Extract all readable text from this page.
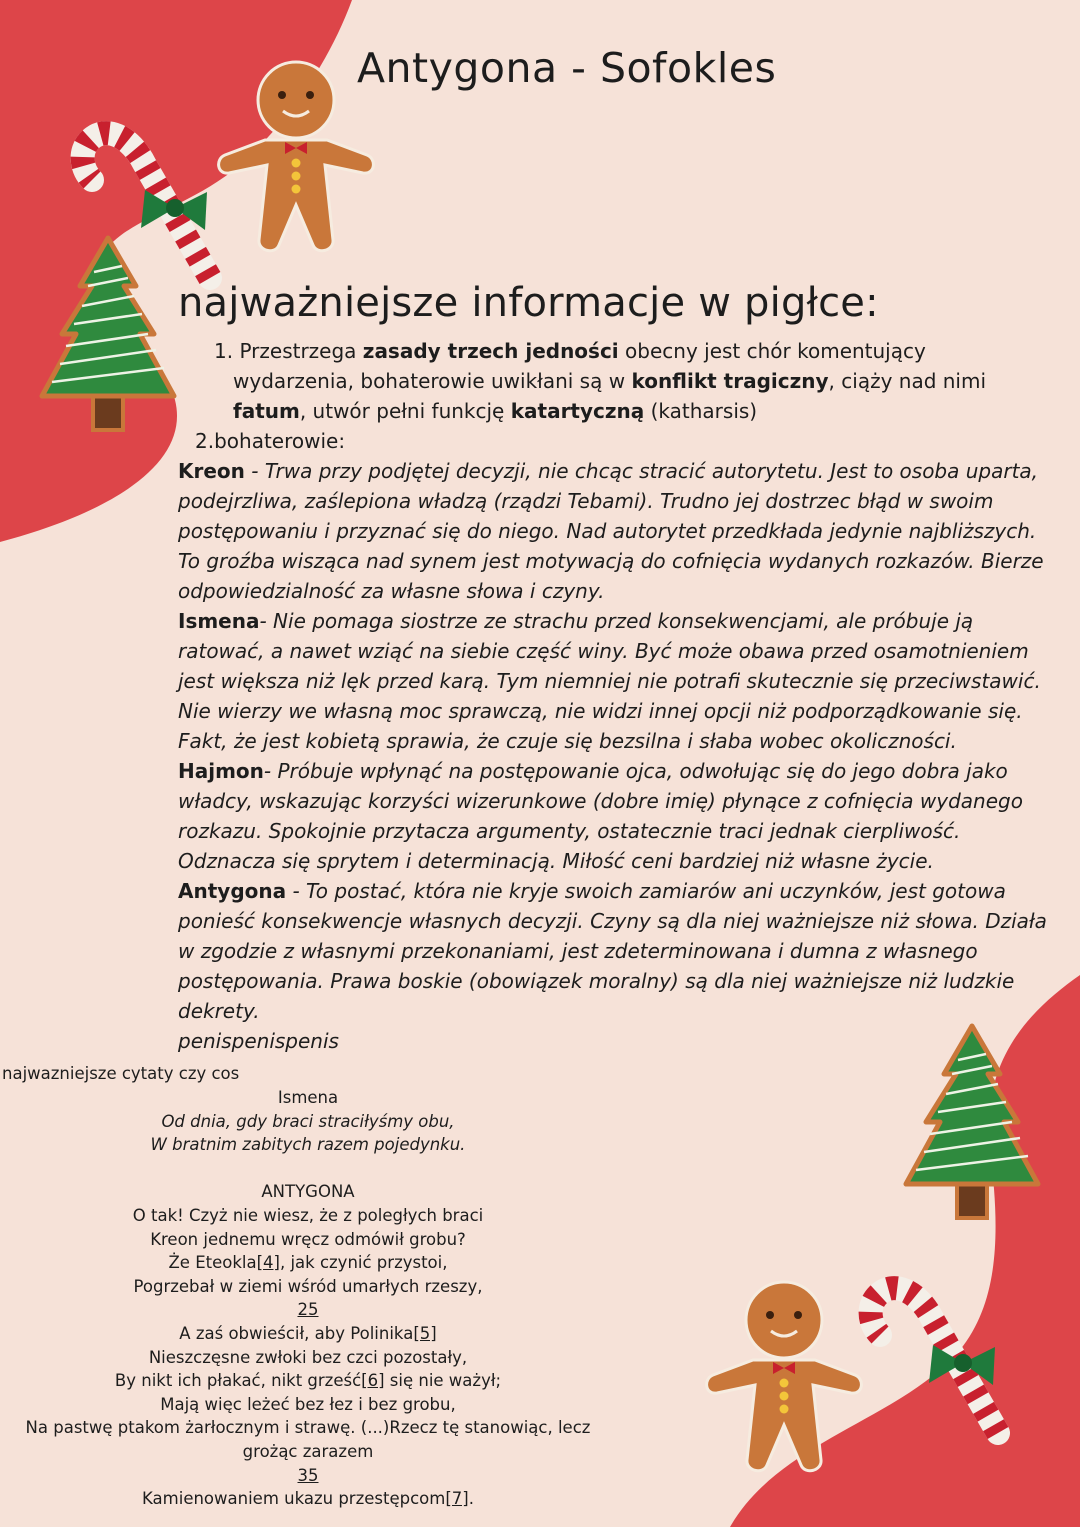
Antygona - Sofokles
najważniejsze informacje w pigłce:
1. Przestrzega zasady trzech jedności obecny jest chór komentujący wydarzenia, bohaterowie uwikłani są w konflikt tragiczny, ciąży nad nimi fatum, utwór pełni funkcję katartyczną (katharsis)
2.bohaterowie:
Kreon - Trwa przy podjętej decyzji, nie chcąc stracić autorytetu. Jest to osoba uparta, podejrzliwa, zaślepiona władzą (rządzi Tebami). Trudno jej dostrzec błąd w swoim postępowaniu i przyznać się do niego. Nad autorytet przedkłada jedynie najbliższych. To groźba wisząca nad synem jest motywacją do cofnięcia wydanych rozkazów. Bierze odpowiedzialność za własne słowa i czyny.
Ismena- Nie pomaga siostrze ze strachu przed konsekwencjami, ale próbuje ją ratować, a nawet wziąć na siebie część winy. Być może obawa przed osamotnieniem jest większa niż lęk przed karą. Tym niemniej nie potrafi skutecznie się przeciwstawić. Nie wierzy we własną moc sprawczą, nie widzi innej opcji niż podporządkowanie się. Fakt, że jest kobietą sprawia, że czuje się bezsilna i słaba wobec okoliczności.
Hajmon- Próbuje wpłynąć na postępowanie ojca, odwołując się do jego dobra jako władcy, wskazując korzyści wizerunkowe (dobre imię) płynące z cofnięcia wydanego rozkazu. Spokojnie przytacza argumenty, ostatecznie traci jednak cierpliwość. Odznacza się sprytem i determinacją. Miłość ceni bardziej niż własne życie.
Antygona - To postać, która nie kryje swoich zamiarów ani uczynków, jest gotowa ponieść konsekwencje własnych decyzji. Czyny są dla niej ważniejsze niż słowa. Działa w zgodzie z własnymi przekonaniami, jest zdeterminowana i dumna z własnego postępowania. Prawa boskie (obowiązek moralny) są dla niej ważniejsze niż ludzkie dekrety.
penispenispenis
najwazniejsze cytaty czy cos
Ismena
Od dnia, gdy braci straciłyśmy obu,
W bratnim zabitych razem pojedynku.
ANTYGONA
O tak! Czyż nie wiesz, że z poległych braci
Kreon jednemu wręcz odmówił grobu?
Że Eteokla[4], jak czynić przystoi,
Pogrzebał w ziemi wśród umarłych rzeszy,
25
A zaś obwieścił, aby Polinika[5]
Nieszczęsne zwłoki bez czci pozostały,
By nikt ich płakać, nikt grześć[6] się nie ważył;
Mają więc leżeć bez łez i bez grobu,
Na pastwę ptakom żarłocznym i strawę. (...)Rzecz tę stanowiąc, lecz grożąc zarazem
35
Kamienowaniem ukazu przestępcom[7].
